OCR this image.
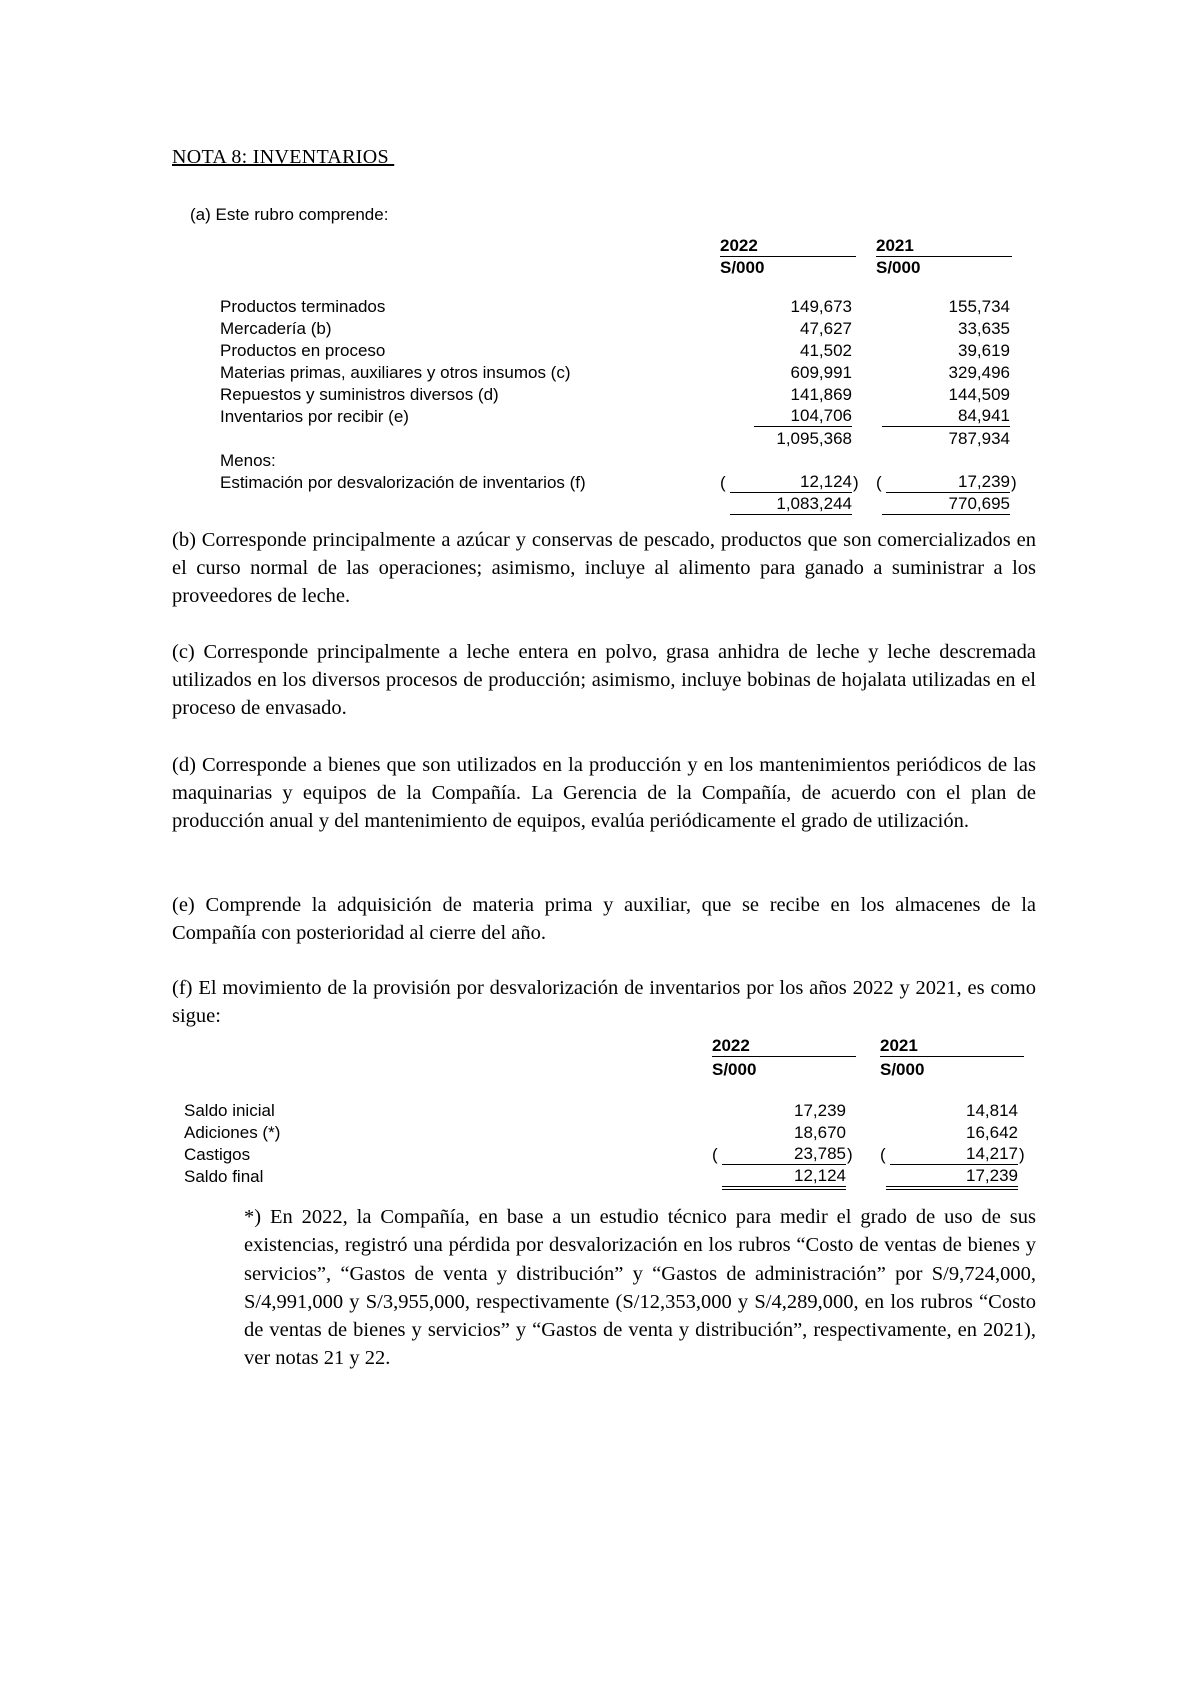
NOTA 8: INVENTARIOS
(a) Este rubro comprende:
2022	2021
S/000	S/000
Productos terminados	149,673	155,734
Mercadería (b)	47,627	33,635
Productos en proceso	41,502	39,619
Materias primas, auxiliares y otros insumos (c)	609,991	329,496
Repuestos y suministros diversos (d)	141,869	144,509
Inventarios por recibir (e)	104,706	84,941
1,095,368	787,934
Menos:
Estimación por desvalorización de inventarios (f)	(	12,124 ) (	17,239 )
1,083,244	770,695
(b) Corresponde principalmente a azúcar y conservas de pescado, productos que son comercializados en el curso normal de las operaciones; asimismo, incluye al alimento para ganado a suministrar a los proveedores de leche.
(c) Corresponde principalmente a leche entera en polvo, grasa anhidra de leche y leche descremada utilizados en los diversos procesos de producción; asimismo, incluye bobinas de hojalata utilizadas en el proceso de envasado.
(d) Corresponde a bienes que son utilizados en la producción y en los mantenimientos periódicos de las maquinarias y equipos de la Compañía. La Gerencia de la Compañía, de acuerdo con el plan de producción anual y del mantenimiento de equipos, evalúa periódicamente el grado de utilización.
(e) Comprende la adquisición de materia prima y auxiliar, que se recibe en los almacenes de la Compañía con posterioridad al cierre del año.
(f) El movimiento de la provisión por desvalorización de inventarios por los años 2022 y 2021, es como sigue:
2022	2021
S/000	S/000
Saldo inicial	17,239	14,814
Adiciones (*)	18,670	16,642
Castigos	(	23,785 ) (	14,217 )
Saldo final	12,124	17,239
*) En 2022, la Compañía, en base a un estudio técnico para medir el grado de uso de sus existencias, registró una pérdida por desvalorización en los rubros “Costo de ventas de bienes y servicios”, “Gastos de venta y distribución” y “Gastos de administración” por S/9,724,000, S/4,991,000 y S/3,955,000, respectivamente (S/12,353,000 y S/4,289,000, en los rubros “Costo de ventas de bienes y servicios” y “Gastos de venta y distribución”, respectivamente, en 2021), ver notas 21 y 22.
